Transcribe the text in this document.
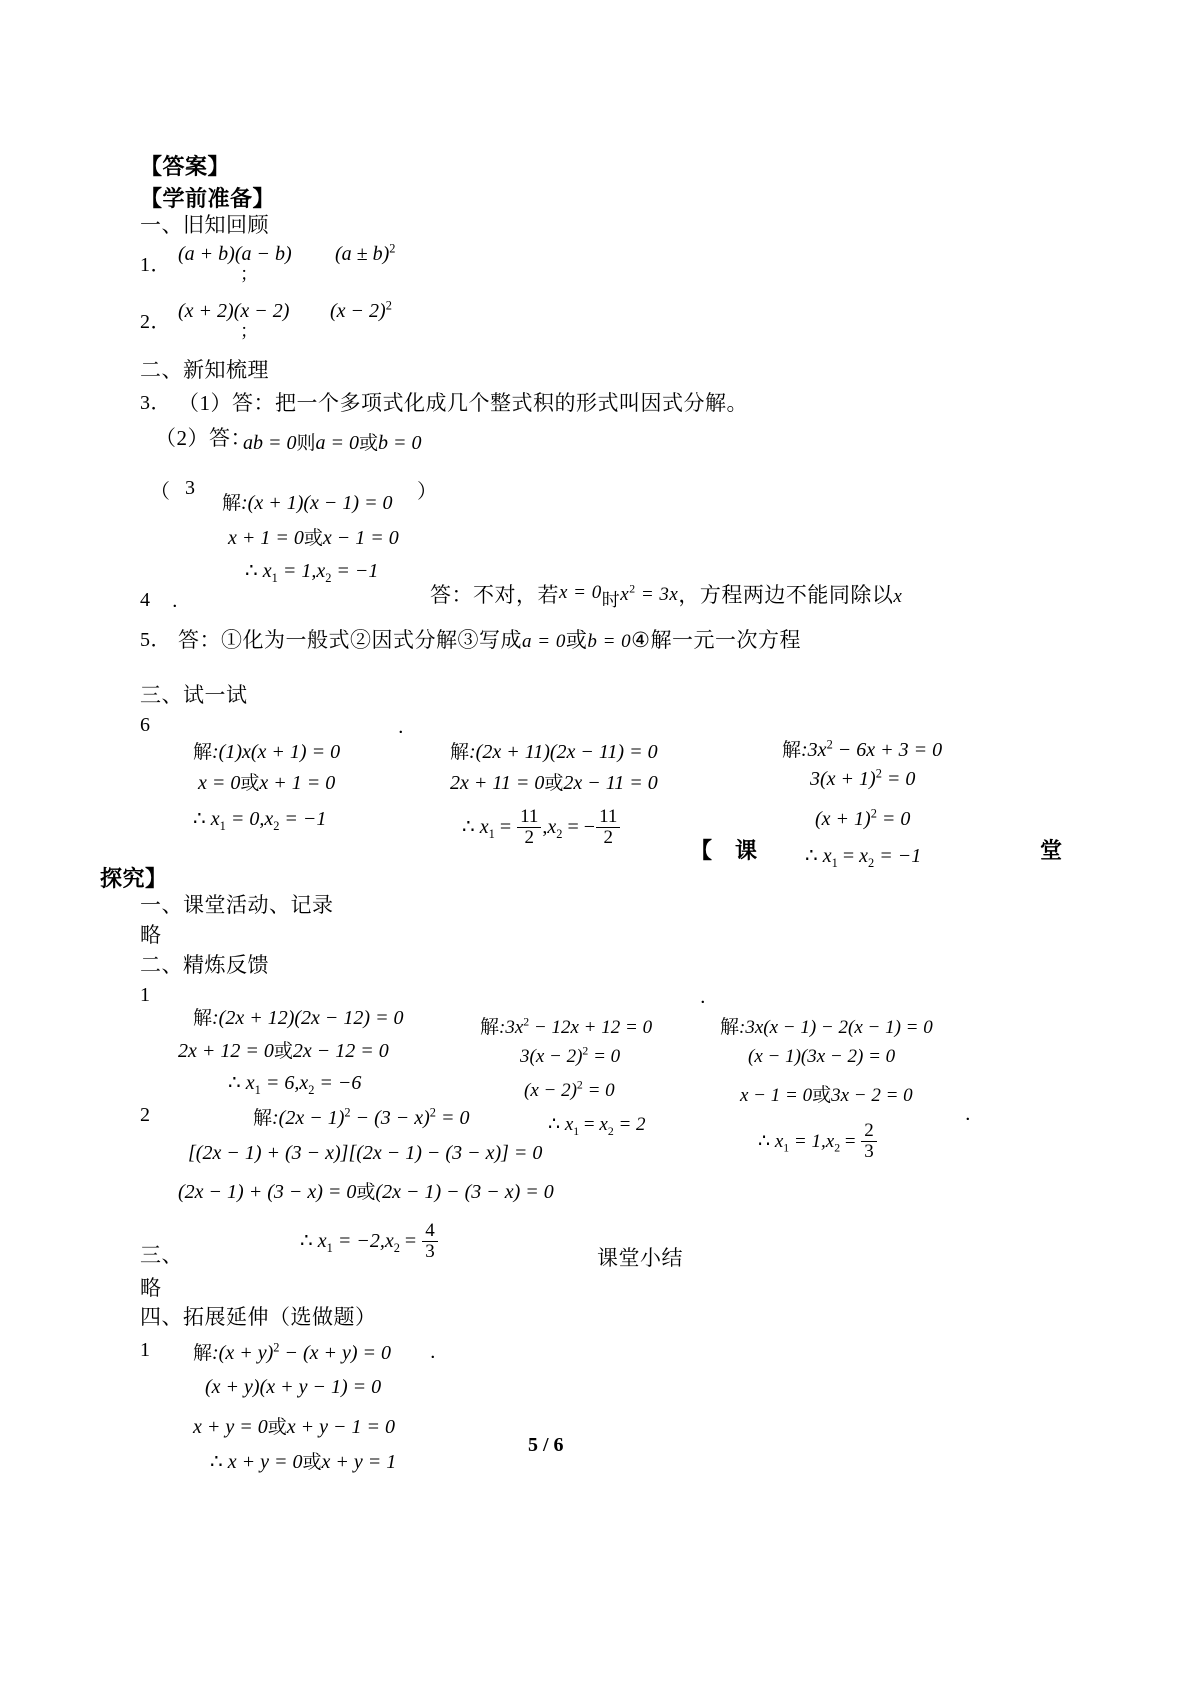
【答案】
【学前准备】
一、旧知回顾
1． (a + b)(a − b) $(a \pm b)^2$
；
2． (x + 2)(x − 2) $(x - 2)^2$
；
二、新知梳理
3． （1）答：把一个多项式化成几个整式积的形式叫因式分解。
（2）答：
ab = 0则a = 0或b = 0
（ 3	）
解:(x + 1)(x − 1) = 0
x + 1 = 0或x − 1 = 0
∴ $x_1 = 1,x_2 = -1$
4 ．	答：不对，若x = 0时$x^2 = 3x$，方程两边不能同除以x
5． 答：①化为一般式②因式分解③写成a = 0或b = 0④解一元一次方程
三、试一试
6	．
解:(1)x(x + 1) = 0
x = 0或x + 1 = 0
∴ $x_1 = 0,x_2 = -1$
解:(2x + 11)(2x − 11) = 0
2x + 11 = 0或2x − 11 = 0
∴ $x_1 = \frac{11}{2} ,x_2$ = − $\frac{11}{2}$
解$:3x^2 - 6x + 3 = 0$
$3(x + 1)^2 = 0$
$(x + 1)^2 = 0$
∴ $x_1 = x_2 = -1$
【　课	堂
探究】
一、课堂活动、记录
略
二、精炼反馈
1	．
解:(2x + 12)(2x − 12) = 0
2x + 12 = 0或2x − 12 = 0
∴ $x_1 = 6,x_2 = -6$
解$:3x^2 - 12x + 12 = 0$
$3(x - 2)^2 = 0$
$(x - 2)^2 = 0$
∴ $x_1 = x_2 = 2$
解:3x(x − 1) − 2(x − 1) = 0
(x − 1)(3x − 2) = 0
x − 1 = 0或3x − 2 = 0
∴ $x_1 = 1,x_2 = \frac{2}{3}$
2	．
解:(2x − $1)^2 - (3 - x)^2 = 0$
[(2x − 1) + (3 − x)][(2x − 1) − (3 − x)] = 0
(2x − 1) + (3 − x) = 0或(2x − 1) − (3 − x) = 0
∴ $x_1 = -2,x_2 = \frac{4}{3}$
三、	课堂小结
略
四、拓展延伸（选做题）
1 解:(x + y)$^2$ − (x + y) = 0 ．
(x + y)(x + y − 1) = 0
x + y = 0或x + y − 1 = 0
∴ x + y = 0或x + y = 1
5 / 6
